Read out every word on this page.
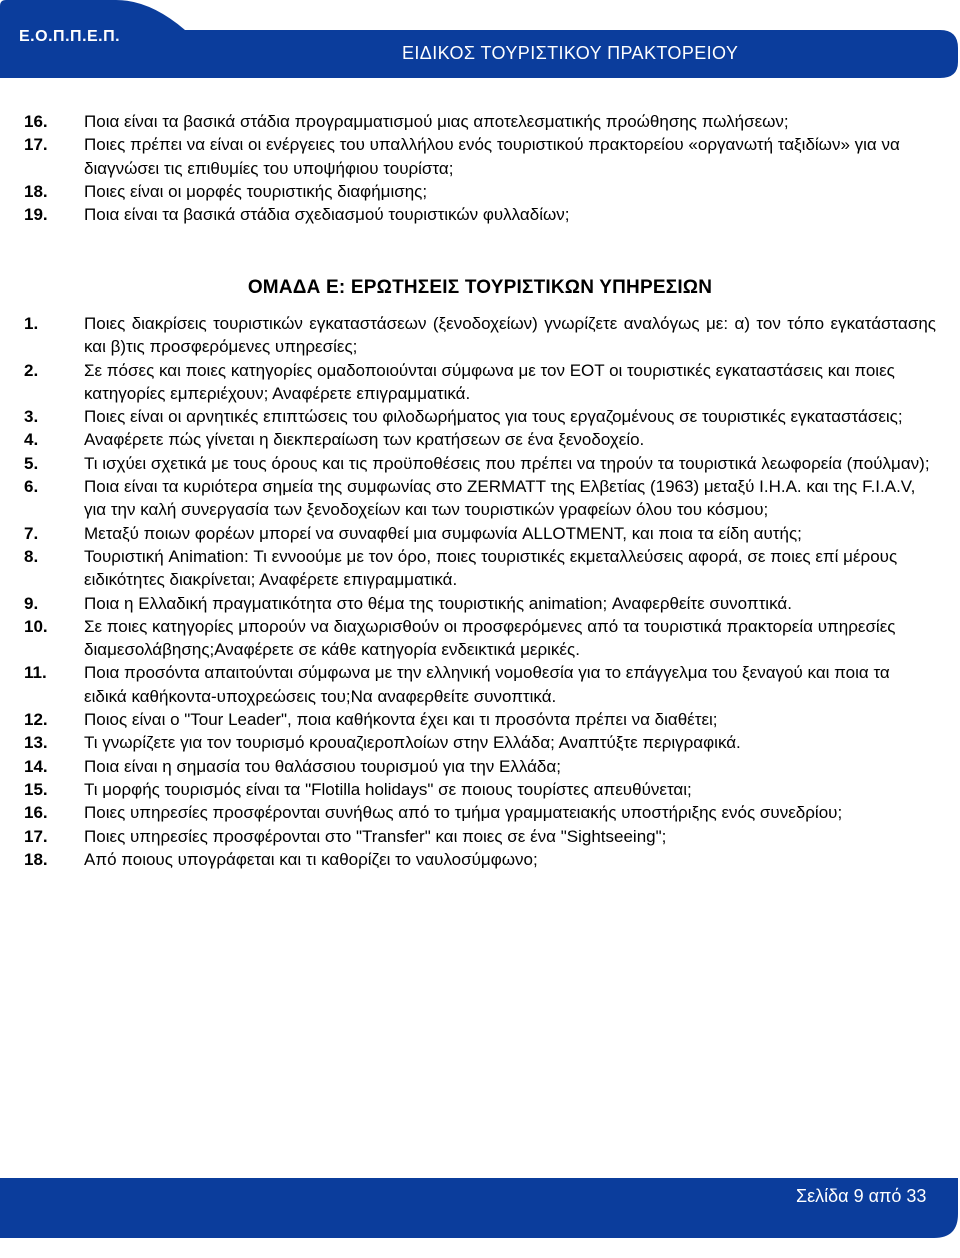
Ε.Ο.Π.Π.Ε.Π.
ΕΙΔΙΚΟΣ ΤΟΥΡΙΣΤΙΚΟΥ ΠΡΑΚΤΟΡΕΙΟΥ
16. Ποια είναι τα βασικά στάδια προγραμματισμού μιας αποτελεσματικής προώθησης πωλήσεων;
17. Ποιες πρέπει να είναι οι ενέργειες του υπαλλήλου ενός τουριστικού πρακτορείου «οργανωτή ταξιδίων» για να διαγνώσει τις επιθυμίες του υποψήφιου τουρίστα;
18. Ποιες είναι οι μορφές τουριστικής διαφήμισης;
19. Ποια είναι τα βασικά στάδια σχεδιασμού τουριστικών φυλλαδίων;
ΟΜΑΔΑ Ε: ΕΡΩΤΗΣΕΙΣ ΤΟΥΡΙΣΤΙΚΩΝ ΥΠΗΡΕΣΙΩΝ
1.	Ποιες διακρίσεις τουριστικών εγκαταστάσεων (ξενοδοχείων) γνωρίζετε αναλόγως με: α) τον τόπο εγκατάστασης και β)τις προσφερόμενες υπηρεσίες;
2.	Σε πόσες και ποιες κατηγορίες ομαδοποιούνται σύμφωνα με τον ΕΟΤ οι τουριστικές εγκαταστάσεις και ποιες κατηγορίες εμπεριέχουν; Αναφέρετε επιγραμματικά.
3.	Ποιες είναι οι αρνητικές επιπτώσεις του φιλοδωρήματος για τους εργαζομένους σε τουριστικές εγκαταστάσεις;
4.	Αναφέρετε πώς γίνεται η διεκπεραίωση των κρατήσεων σε ένα ξενοδοχείο.
5.	Τι ισχύει σχετικά με τους όρους και τις προϋποθέσεις που πρέπει να τηρούν τα τουριστικά λεωφορεία (πούλμαν);
6.	Ποια είναι τα κυριότερα σημεία της συμφωνίας στο ZERMATT της Ελβετίας (1963) μεταξύ Ι.Η.Α. και της F.I.A.V, για την καλή συνεργασία των ξενοδοχείων και των τουριστικών γραφείων όλου του κόσμου;
7.	Μεταξύ ποιων φορέων μπορεί να συναφθεί μια συμφωνία ALLOTMENT, και ποια τα είδη αυτής;
8.	Τουριστική Animation: Τι εννοούμε με τον όρο, ποιες τουριστικές εκμεταλλεύσεις αφορά, σε ποιες επί μέρους ειδικότητες διακρίνεται; Αναφέρετε επιγραμματικά.
9.	Ποια η Ελλαδική πραγματικότητα στο θέμα της τουριστικής animation; Αναφερθείτε συνοπτικά.
10. Σε ποιες κατηγορίες μπορούν να διαχωρισθούν οι προσφερόμενες από τα τουριστικά πρακτορεία υπηρεσίες διαμεσολάβησης;Αναφέρετε σε κάθε κατηγορία ενδεικτικά μερικές.
11. Ποια προσόντα απαιτούνται σύμφωνα με την ελληνική νομοθεσία για το επάγγελμα του ξεναγού και ποια τα ειδικά καθήκοντα-υποχρεώσεις του;Να αναφερθείτε συνοπτικά.
12. Ποιος είναι ο "Tour Leader", ποια καθήκοντα έχει και τι προσόντα πρέπει να διαθέτει;
13. Τι γνωρίζετε για τον τουρισμό κρουαζιεροπλοίων στην Ελλάδα; Αναπτύξτε περιγραφικά.
14. Ποια είναι η σημασία του θαλάσσιου τουρισμού για την Ελλάδα;
15. Τι μορφής τουρισμός είναι τα "Flotilla holidays" σε ποιους τουρίστες απευθύνεται;
16. Ποιες υπηρεσίες προσφέρονται συνήθως από το τμήμα γραμματειακής υποστήριξης ενός συνεδρίου;
17. Ποιες υπηρεσίες προσφέρονται στο "Transfer" και ποιες σε ένα "Sightseeing";
18. Από ποιους υπογράφεται και τι καθορίζει το ναυλοσύμφωνο;
Σελίδα 9 από 33
